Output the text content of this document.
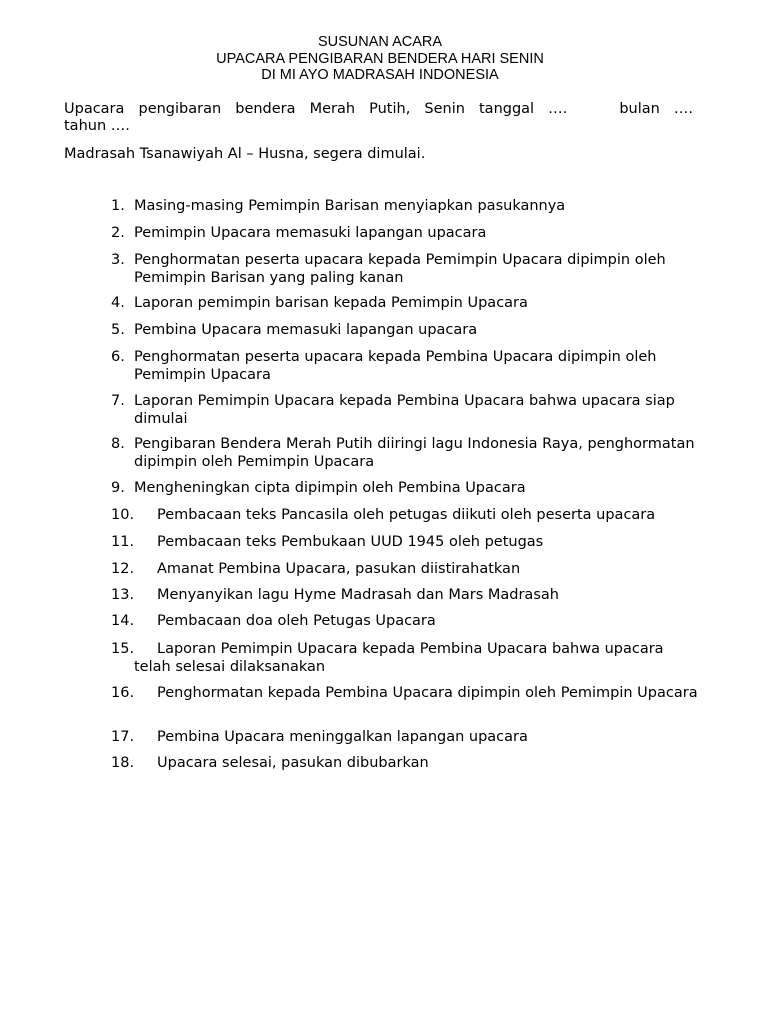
SUSUNAN ACARA
UPACARA PENGIBARAN BENDERA HARI SENIN
DI MI AYO MADRASAH INDONESIA
Upacara pengibaran bendera Merah Putih, Senin tanggal ….	bulan ….
tahun ….
Madrasah Tsanawiyah Al – Husna, segera dimulai.
1. Masing-masing Pemimpin Barisan menyiapkan pasukannya
2. Pemimpin Upacara memasuki lapangan upacara
3. Penghormatan peserta upacara kepada Pemimpin Upacara dipimpin oleh Pemimpin Barisan yang paling kanan
4. Laporan pemimpin barisan kepada Pemimpin Upacara
5. Pembina Upacara memasuki lapangan upacara
6. Penghormatan peserta upacara kepada Pembina Upacara dipimpin oleh Pemimpin Upacara
7. Laporan Pemimpin Upacara kepada Pembina Upacara bahwa upacara siap dimulai
8. Pengibaran Bendera Merah Putih diiringi lagu Indonesia Raya, penghormatan dipimpin oleh Pemimpin Upacara
9. Mengheningkan cipta dipimpin oleh Pembina Upacara
10.	Pembacaan teks Pancasila oleh petugas diikuti oleh peserta upacara
11.	Pembacaan teks Pembukaan UUD 1945 oleh petugas
12.	Amanat Pembina Upacara, pasukan diistirahatkan
13.	Menyanyikan lagu Hyme Madrasah dan Mars Madrasah
14.	Pembacaan doa oleh Petugas Upacara
15.	Laporan Pemimpin Upacara kepada Pembina Upacara bahwa upacara telah selesai dilaksanakan
16.	Penghormatan kepada Pembina Upacara dipimpin oleh Pemimpin Upacara
17.	Pembina Upacara meninggalkan lapangan upacara
18.	Upacara selesai, pasukan dibubarkan
